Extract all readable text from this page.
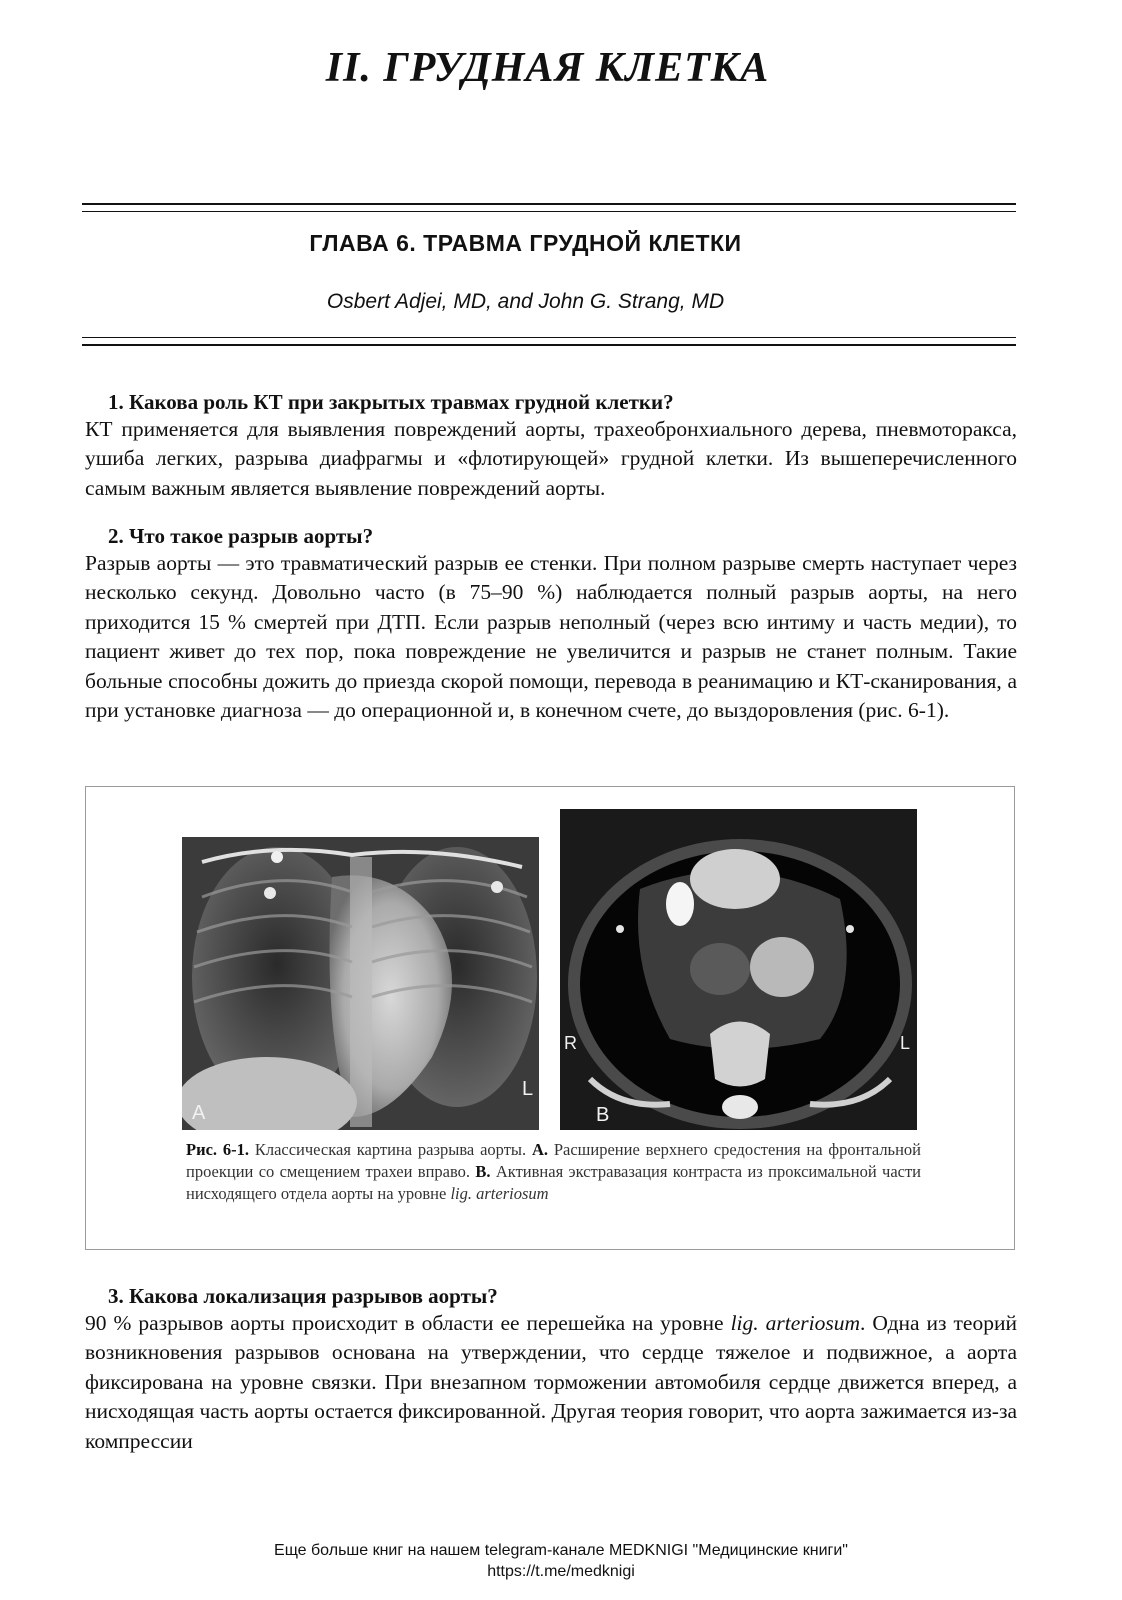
II. ГРУДНАЯ КЛЕТКА
ГЛАВА 6. ТРАВМА ГРУДНОЙ КЛЕТКИ

Osbert Adjei, MD, and John G. Strang, MD

1. Какова роль КТ при закрытых травмах грудной клетки?

КТ применяется для выявления повреждений аорты, трахеобронхиального дерева, пневмоторакса, ушиба легких, разрыва диафрагмы и «флотирующей» грудной клетки. Из вышеперечисленного самым важным является выявление повреждений аорты.

2. Что такое разрыв аорты?

Разрыв аорты — это травматический разрыв ее стенки. При полном разрыве смерть наступает через несколько секунд. Довольно часто (в 75–90 %) наблюдается полный разрыв аорты, на него приходится 15 % смертей при ДТП. Если разрыв неполный (через всю интиму и часть медии), то пациент живет до тех пор, пока повреждение не увеличится и разрыв не станет полным. Такие больные способны дожить до приезда скорой помощи, перевода в реанимацию и КТ-сканирования, а при установке диагноза — до операционной и, в конечном счете, до выздоровления (рис. 6-1).

A
L
R	L
B

Рис. 6-1. Классическая картина разрыва аорты. A. Расширение верхнего средостения на фронтальной проекции со смещением трахеи вправо. B. Активная экстравазация контраста из проксимальной части нисходящего отдела аорты на уровне lig. arteriosum

3. Какова локализация разрывов аорты?

90 % разрывов аорты происходит в области ее перешейка на уровне lig. arteriosum. Одна из теорий возникновения разрывов основана на утверждении, что сердце тяжелое и подвижное, а аорта фиксирована на уровне связки. При внезапном торможении автомобиля сердце движется вперед, а нисходящая часть аорты остается фиксированной. Другая теория говорит, что аорта зажимается из-за компрессии

Еще больше книг на нашем telegram-канале MEDKNIGI "Медицинские книги"

https://t.me/medknigi
